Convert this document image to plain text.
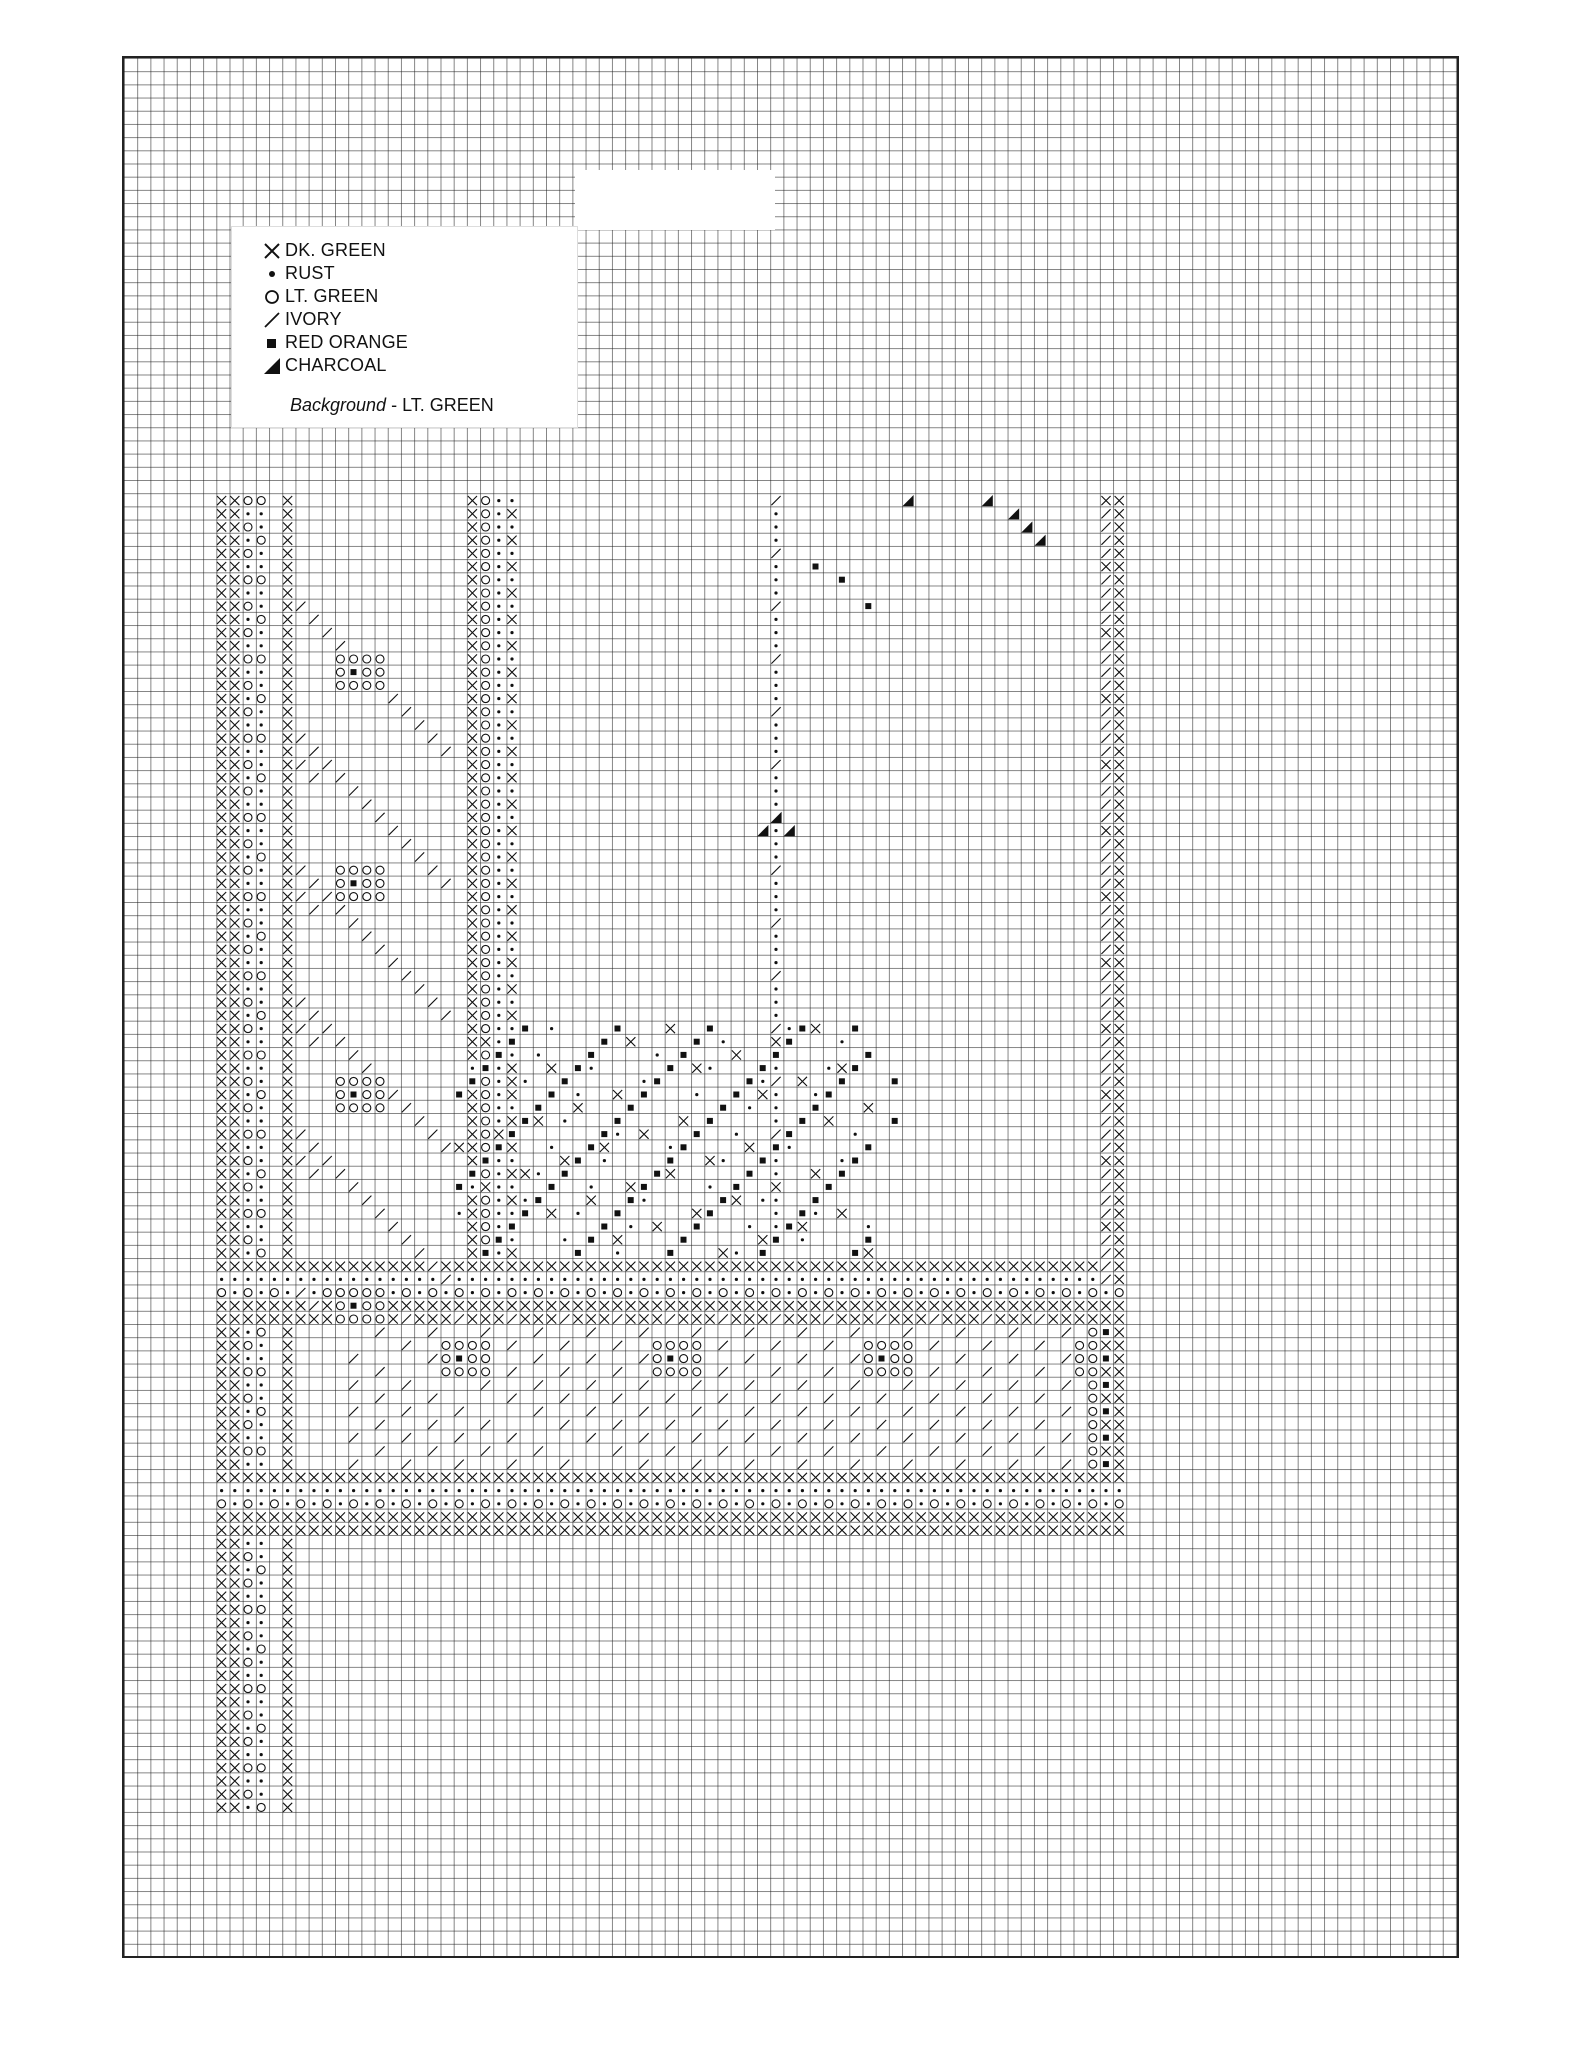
DK. GREEN
RUST
LT. GREEN
IVORY
RED ORANGE
CHARCOAL
Background - LT. GREEN
